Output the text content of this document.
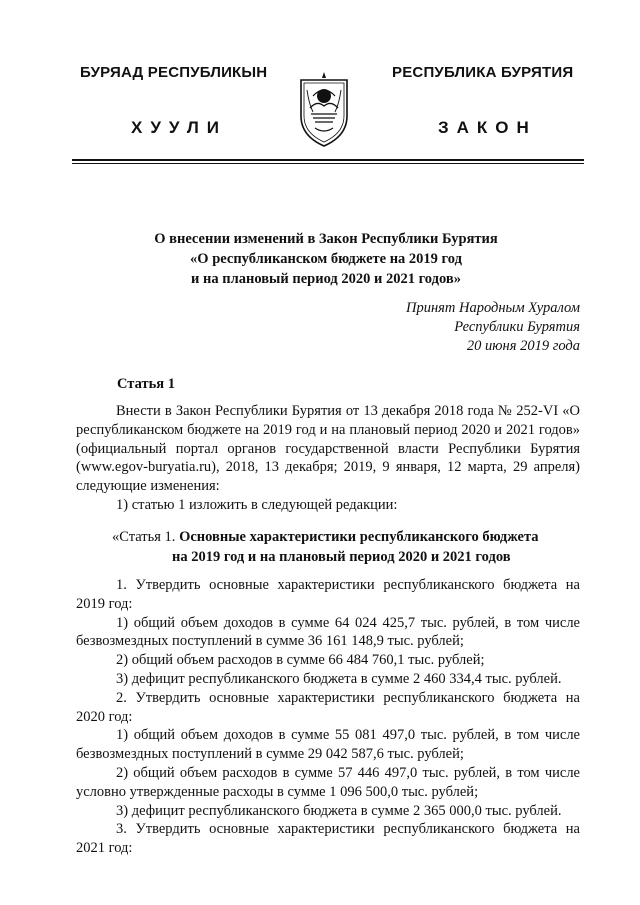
БУРЯАД РЕСПУБЛИКЫН	РЕСПУБЛИКА БУРЯТИЯ
ХУУЛИ	ЗАКОН
О внесении изменений в Закон Республики Бурятия
«О республиканском бюджете на 2019 год
и на плановый период 2020 и 2021 годов»
Принят Народным Хуралом
Республики Бурятия
20 июня 2019 года
Статья 1

Внести в Закон Республики Бурятия от 13 декабря 2018 года № 252-VI «О республиканском бюджете на 2019 год и на плановый период 2020 и 2021 годов» (официальный портал органов государственной власти Республики Бурятия (www.egov-buryatia.ru), 2018, 13 декабря; 2019, 9 января, 12 марта, 29 апреля) следующие изменения:

1) статью 1 изложить в следующей редакции:

«Статья 1. Основные характеристики республиканского бюджета
на 2019 год и на плановый период 2020 и 2021 годов

1. Утвердить основные характеристики республиканского бюджета на 2019 год:

1) общий объем доходов в сумме 64 024 425,7 тыс. рублей, в том числе безвозмездных поступлений в сумме 36 161 148,9 тыс. рублей;

2) общий объем расходов в сумме 66 484 760,1 тыс. рублей;

3) дефицит республиканского бюджета в сумме 2 460 334,4 тыс. рублей.

2. Утвердить основные характеристики республиканского бюджета на 2020 год:

1) общий объем доходов в сумме 55 081 497,0 тыс. рублей, в том числе безвозмездных поступлений в сумме 29 042 587,6 тыс. рублей;

2) общий объем расходов в сумме 57 446 497,0 тыс. рублей, в том числе условно утвержденные расходы в сумме 1 096 500,0 тыс. рублей;

3) дефицит республиканского бюджета в сумме 2 365 000,0 тыс. рублей.

3. Утвердить основные характеристики республиканского бюджета на 2021 год:
